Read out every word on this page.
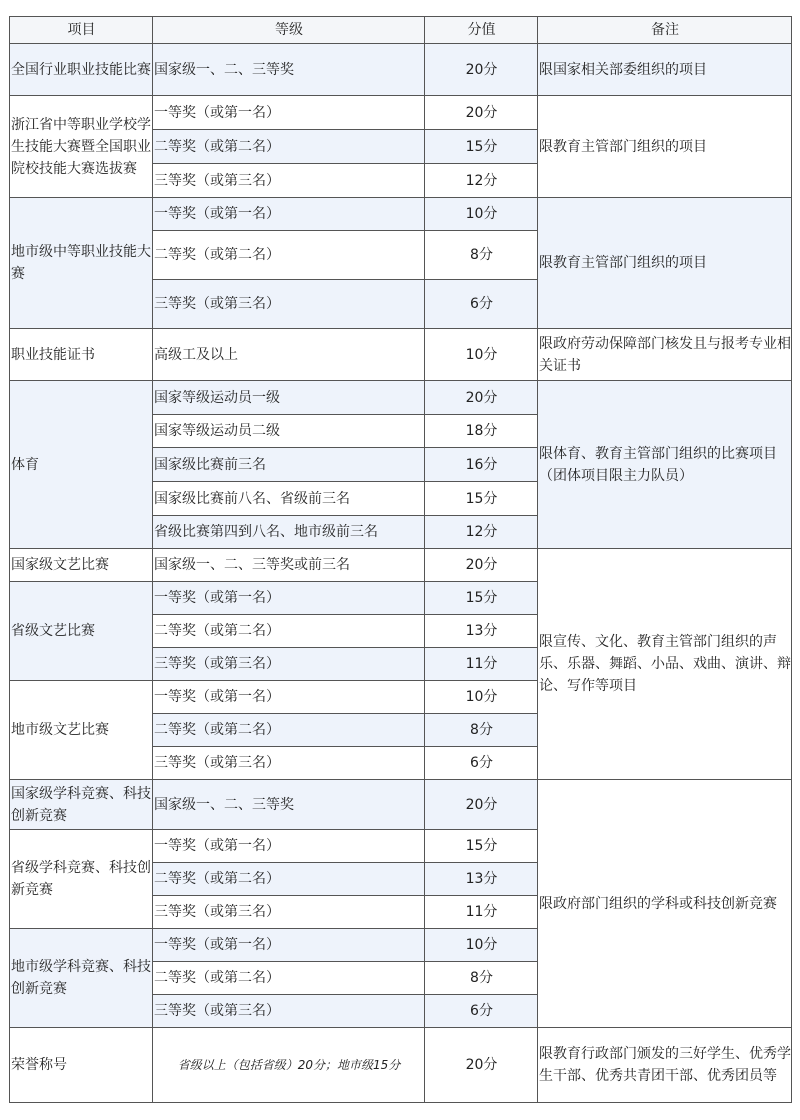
项目	等级	分值	备注
全国行业职业技能比赛	国家级一、二、三等奖	20分	限国家相关部委组织的项目
浙江省中等职业学校学生技能大赛暨全国职业院校技能大赛选拔赛	一等奖（或第一名）	20分	限教育主管部门组织的项目
	二等奖（或第二名）	15分	
	三等奖（或第三名）	12分	
地市级中等职业技能大赛	一等奖（或第一名）	10分	限教育主管部门组织的项目
	二等奖（或第二名）	8分	
	三等奖（或第三名）	6分	
职业技能证书	高级工及以上	10分	限政府劳动保障部门核发且与报考专业相关证书
体育	国家等级运动员一级	20分	限体育、教育主管部门组织的比赛项目（团体项目限主力队员）
	国家等级运动员二级	18分	
	国家级比赛前三名	16分	
	国家级比赛前八名、省级前三名	15分	
	省级比赛第四到八名、地市级前三名	12分	
国家级文艺比赛	国家级一、二、三等奖或前三名	20分	限宣传、文化、教育主管部门组织的声乐、乐器、舞蹈、小品、戏曲、演讲、辩论、写作等项目
省级文艺比赛	一等奖（或第一名）	15分	
	二等奖（或第二名）	13分	
	三等奖（或第三名）	11分	
地市级文艺比赛	一等奖（或第一名）	10分	
	二等奖（或第二名）	8分	
	三等奖（或第三名）	6分	
国家级学科竞赛、科技创新竞赛	国家级一、二、三等奖	20分	限政府部门组织的学科或科技创新竞赛
省级学科竞赛、科技创新竞赛	一等奖（或第一名）	15分	
	二等奖（或第二名）	13分	
	三等奖（或第三名）	11分	
地市级学科竞赛、科技创新竞赛	一等奖（或第一名）	10分	
	二等奖（或第二名）	8分	
	三等奖（或第三名）	6分	
荣誉称号	省级以上（包括省级）20分；地市级15分	20分	限教育行政部门颁发的三好学生、优秀学生干部、优秀共青团干部、优秀团员等
